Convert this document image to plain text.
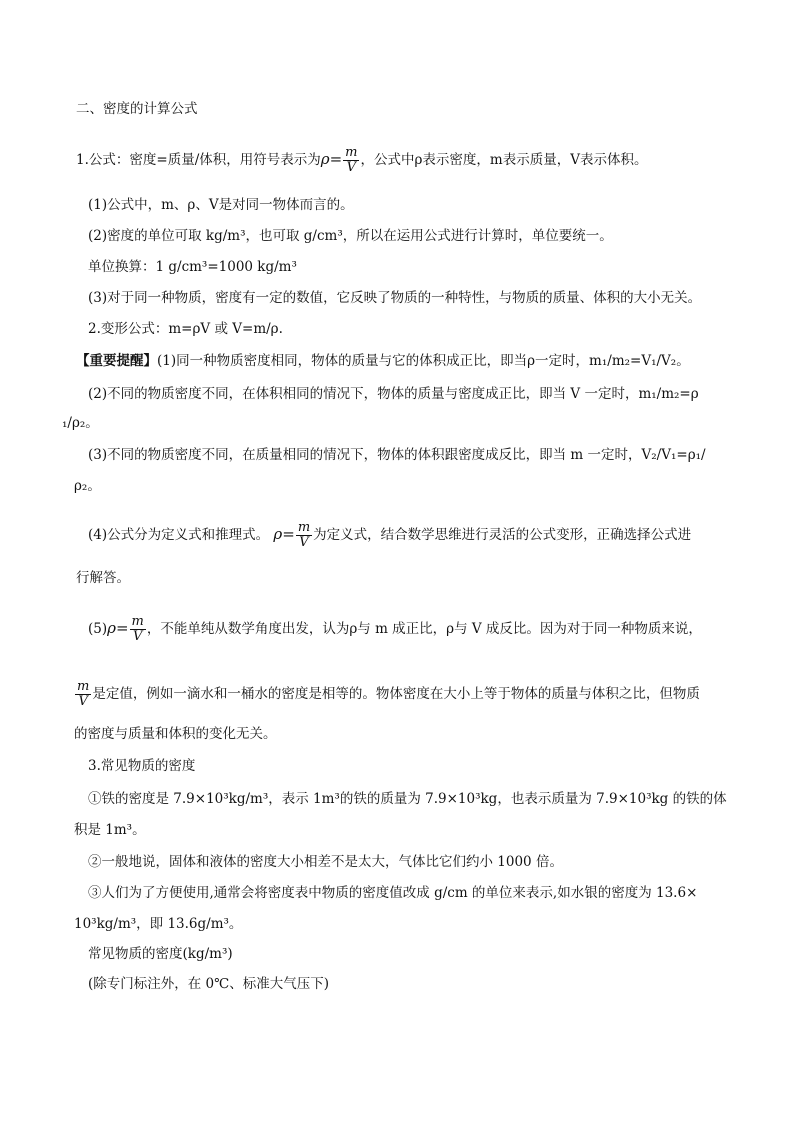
二、密度的计算公式
1.公式：密度=质量/体积，用符号表示为$\rho= \frac{m}{V}$ ，公式中ρ表示密度，m表示质量，V表示体积。
(1)公式中，m、ρ、V是对同一物体而言的。
(2)密度的单位可取 kg/m³，也可取 g/cm³，所以在运用公式进行计算时，单位要统一。
单位换算：1 g/cm³=1000 kg/m³
(3)对于同一种物质，密度有一定的数值，它反映了物质的一种特性，与物质的质量、体积的大小无关。
2.变形公式：m=ρV 或 V=m/ρ.
【重要提醒】(1)同一种物质密度相同，物体的质量与它的体积成正比，即当ρ一定时，m₁/m₂=V₁/V₂。
(2)不同的物质密度不同，在体积相同的情况下，物体的质量与密度成正比，即当 V 一定时，m₁/m₂=ρ
₁/ρ₂。
(3)不同的物质密度不同，在质量相同的情况下，物体的体积跟密度成反比，即当 m 一定时，V₂/V₁=ρ₁/
ρ₂。
(4)公式分为定义式和推理式。 $\rho= \frac{m}{V}$ 为定义式，结合数学思维进行灵活的公式变形，正确选择公式进
行解答。
$(5)\rho= \frac{m}{V}$ ，不能单纯从数学角度出发，认为ρ与 m 成正比，ρ与 V 成反比。因为对于同一种物质来说，
$\frac{m}{V}$ 是定值，例如一滴水和一桶水的密度是相等的。物体密度在大小上等于物体的质量与体积之比，但物质
的密度与质量和体积的变化无关。
3.常见物质的密度
①铁的密度是 7.9×10³kg/m³，表示 1m³的铁的质量为 7.9×10³kg，也表示质量为 7.9×10³kg 的铁的体
积是 1m³。
②一般地说，固体和液体的密度大小相差不是太大，气体比它们约小 1000 倍。
③人们为了方便使用,通常会将密度表中物质的密度值改成 g/cm 的单位来表示,如水银的密度为 13.6×
10³kg/m³，即 13.6g/m³。
常见物质的密度(kg/m³)
(除专门标注外，在 0℃、标准大气压下)
